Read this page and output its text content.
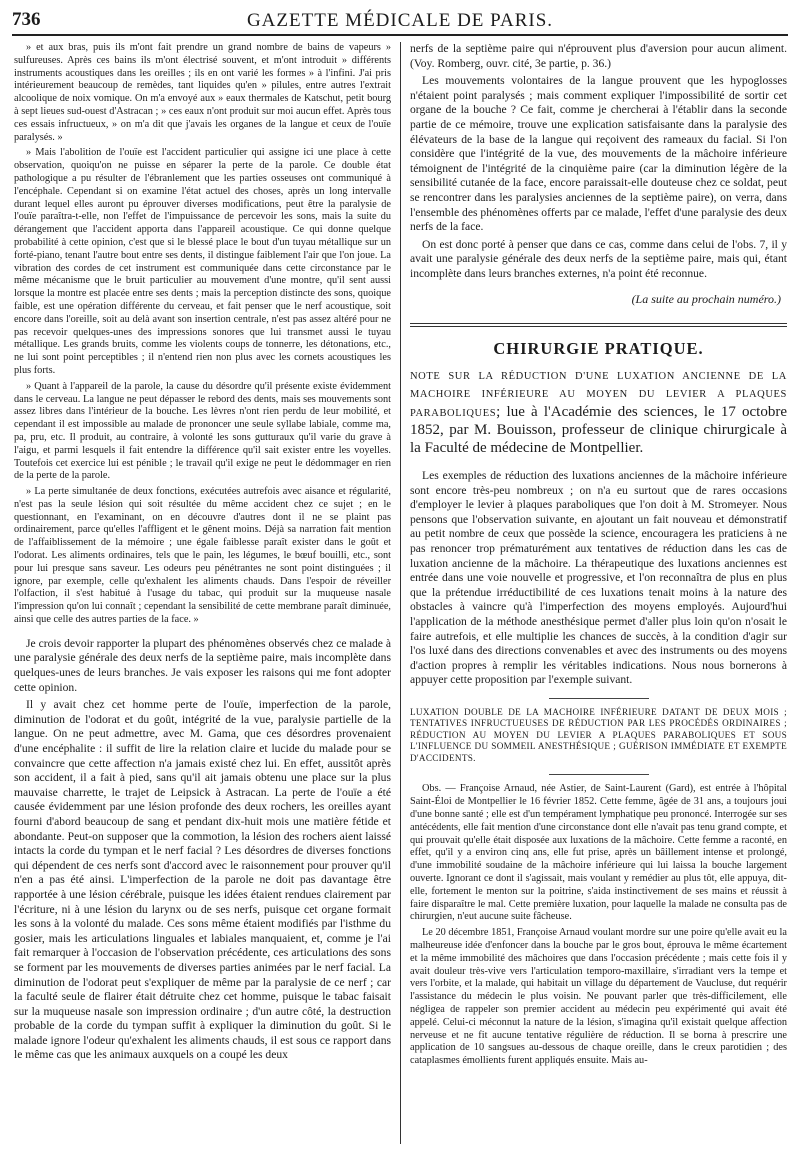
736	GAZETTE MÉDICALE DE PARIS.

» et aux bras, puis ils m'ont fait prendre un grand nombre de bains de vapeurs » sulfureuses. Après ces bains ils m'ont électrisé souvent, et m'ont introduit » différents instruments acoustiques dans les oreilles ; ils en ont varié les formes » à l'infini. J'ai pris intérieurement beaucoup de remèdes, tant liquides qu'en » pilules, entre autres l'extrait alcoolique de noix vomique. On m'a envoyé aux » eaux thermales de Katschut, petit bourg à sept lieues sud-ouest d'Astracan ; » ces eaux n'ont produit sur moi aucun effet. Après tous ces essais infructueux, » on m'a dit que j'avais les organes de la langue et ceux de l'ouïe paralysés. »

» Mais l'abolition de l'ouïe est l'accident particulier qui assigne ici une place à cette observation, quoiqu'on ne puisse en séparer la perte de la parole. Ce double état pathologique a pu résulter de l'ébranlement que les parties osseuses ont communiqué à l'encéphale. Cependant si on examine l'état actuel des choses, après un long intervalle durant lequel elles auront pu éprouver diverses modifications, peut être la paralysie de l'ouïe paraîtra-t-elle, non l'effet de l'impuissance de percevoir les sons, mais la suite du dérangement que l'accident apporta dans l'appareil acoustique. Ce qui donne quelque probabilité à cette opinion, c'est que si le blessé place le bout d'un tuyau métallique sur un forté-piano, tenant l'autre bout entre ses dents, il distingue faiblement l'air que l'on joue. La vibration des cordes de cet instrument est communiquée dans cette circonstance par le même mécanisme que le bruit particulier au mouvement d'une montre, qu'il sent aussi lorsque la montre est placée entre ses dents ; mais la perception distincte des sons, quoique faible, est une opération différente du cerveau, et fait penser que le nerf acoustique, soit encore dans l'oreille, soit au delà avant son insertion centrale, n'est pas assez altéré pour ne pas recevoir quelques-unes des impressions sonores que lui transmet aussi le tuyau métallique. Les grands bruits, comme les violents coups de tonnerre, les détonations, etc., ne lui sont point perceptibles ; il n'entend rien non plus avec les cornets acoustiques les plus forts.

» Quant à l'appareil de la parole, la cause du désordre qu'il présente existe évidemment dans le cerveau. La langue ne peut dépasser le rebord des dents, mais ses mouvements sont assez libres dans l'intérieur de la bouche. Les lèvres n'ont rien perdu de leur mobilité, et cependant il est impossible au malade de prononcer une seule syllabe labiale, comme ma, pa, pru, etc. Il produit, au contraire, à volonté les sons gutturaux qu'il varie du grave à l'aigu, et parmi lesquels il fait entendre la différence qu'il sait exister entre les voyelles. Toutefois cet exercice lui est pénible ; le travail qu'il exige ne peut le dédommager en rien de la perte de la parole.

» La perte simultanée de deux fonctions, exécutées autrefois avec aisance et régularité, n'est pas la seule lésion qui soit résultée du même accident chez ce sujet ; en le questionnant, en l'examinant, on en découvre d'autres dont il ne se plaint pas ordinairement, parce qu'elles l'affligent et le gênent moins. Déjà sa narration fait mention de l'affaiblissement de la mémoire ; une égale faiblesse paraît exister dans le goût et l'odorat. Les aliments ordinaires, tels que le pain, les légumes, le bœuf bouilli, etc., sont pour lui presque sans saveur. Les odeurs peu pénétrantes ne sont point distinguées ; il ignore, par exemple, celle qu'exhalent les aliments chauds. Dans l'espoir de réveiller l'olfaction, il s'est habitué à l'usage du tabac, qui produit sur la muqueuse nasale l'impression qu'on lui connaît ; cependant la sensibilité de cette membrane paraît diminuée, ainsi que celle des autres parties de la face. »

Je crois devoir rapporter la plupart des phénomènes observés chez ce malade à une paralysie générale des deux nerfs de la septième paire, mais incomplète dans quelques-unes de leurs branches. Je vais exposer les raisons qui me font adopter cette opinion.

Il y avait chez cet homme perte de l'ouïe, imperfection de la parole, diminution de l'odorat et du goût, intégrité de la vue, paralysie partielle de la langue. On ne peut admettre, avec M. Gama, que ces désordres provenaient d'une encéphalite : il suffit de lire la relation claire et lucide du malade pour se convaincre que cette affection n'a jamais existé chez lui. En effet, aussitôt après son accident, il a fait à pied, sans qu'il ait jamais obtenu une place sur la plus mauvaise charrette, le trajet de Leipsick à Astracan. La perte de l'ouïe a été causée évidemment par une lésion profonde des deux rochers, les oreilles ayant fourni d'abord beaucoup de sang et pendant dix-huit mois une matière fétide et abondante. Peut-on supposer que la commotion, la lésion des rochers aient laissé intacts la corde du tympan et le nerf facial ? Les désordres de diverses fonctions qui dépendent de ces nerfs sont d'accord avec le raisonnement pour prouver qu'il n'en a pas été ainsi. L'imperfection de la parole ne doit pas davantage être rapportée à une lésion cérébrale, puisque les idées étaient rendues clairement par l'écriture, ni à une lésion du larynx ou de ses nerfs, puisque cet organe formait les sons à la volonté du malade. Ces sons même étaient modifiés par l'isthme du gosier, mais les articulations linguales et labiales manquaient, et, comme je l'ai fait remarquer à l'occasion de l'observation précédente, ces articulations des sons se forment par les mouvements de diverses parties animées par le nerf facial. La diminution de l'odorat peut s'expliquer de même par la paralysie de ce nerf ; car la faculté seule de flairer était détruite chez cet homme, puisque le tabac faisait sur la muqueuse nasale son impression ordinaire ; d'un autre côté, la destruction probable de la corde du tympan suffit à expliquer la diminution du goût. Si le malade ignore l'odeur qu'exhalent les aliments chauds, il est sous ce rapport dans le même cas que les animaux auxquels on a coupé les deux

nerfs de la septième paire qui n'éprouvent plus d'aversion pour aucun aliment. (Voy. Romberg, ouvr. cité, 3e partie, p. 36.)

Les mouvements volontaires de la langue prouvent que les hypoglosses n'étaient point paralysés ; mais comment expliquer l'impossibilité de sortir cet organe de la bouche ? Ce fait, comme je chercherai à l'établir dans la seconde partie de ce mémoire, trouve une explication satisfaisante dans la paralysie des élévateurs de la base de la langue qui reçoivent des rameaux du facial. Si l'on considère que l'intégrité de la vue, des mouvements de la mâchoire inférieure témoignent de l'intégrité de la cinquième paire (car la diminution légère de la sensibilité cutanée de la face, encore paraissait-elle douteuse chez ce soldat, peut se rencontrer dans les paralysies anciennes de la septième paire), on verra, dans l'ensemble des phénomènes offerts par ce malade, l'effet d'une paralysie des deux nerfs de la face.

On est donc porté à penser que dans ce cas, comme dans celui de l'obs. 7, il y avait une paralysie générale des deux nerfs de la septième paire, mais qui, étant incomplète dans leurs branches externes, n'a point été reconnue.

(La suite au prochain numéro.)
CHIRURGIE PRATIQUE.

NOTE SUR LA RÉDUCTION D'UNE LUXATION ANCIENNE DE LA MACHOIRE INFÉRIEURE AU MOYEN DU LEVIER A PLAQUES PARABOLIQUES; lue à l'Académie des sciences, le 17 octobre 1852, par M. Bouisson, professeur de clinique chirurgicale à la Faculté de médecine de Montpellier.

Les exemples de réduction des luxations anciennes de la mâchoire inférieure sont encore très-peu nombreux ; on n'a eu surtout que de rares occasions d'employer le levier à plaques paraboliques que l'on doit à M. Stromeyer. Nous pensons que l'observation suivante, en ajoutant un fait nouveau et démonstratif au petit nombre de ceux que possède la science, encouragera les praticiens à ne pas renoncer trop prématurément aux tentatives de réduction dans les cas de luxation ancienne de la mâchoire. La thérapeutique des luxations anciennes est entrée dans une voie nouvelle et progressive, et l'on reconnaîtra de plus en plus que la prétendue irréductibilité de ces luxations tenait moins à la nature des obstacles à vaincre qu'à l'imperfection des moyens employés. Aujourd'hui l'application de la méthode anesthésique permet d'aller plus loin qu'on n'osait le faire autrefois, et elle multiplie les chances de succès, à la condition d'agir sur l'os luxé dans des directions convenables et avec des instruments ou des moyens d'action propres à remplir les véritables indications. Nous nous bornerons à appuyer cette proposition par l'exemple suivant.

LUXATION DOUBLE DE LA MACHOIRE INFÉRIEURE DATANT DE DEUX MOIS ; TENTATIVES INFRUCTUEUSES DE RÉDUCTION PAR LES PROCÉDÉS ORDINAIRES ; RÉDUCTION AU MOYEN DU LEVIER A PLAQUES PARABOLIQUES ET SOUS L'INFLUENCE DU SOMMEIL ANESTHÉSIQUE ; GUÉRISON IMMÉDIATE ET EXEMPTE D'ACCIDENTS.

Obs. — Françoise Arnaud, née Astier, de Saint-Laurent (Gard), est entrée à l'hôpital Saint-Éloi de Montpellier le 16 février 1852. Cette femme, âgée de 31 ans, a toujours joui d'une bonne santé ; elle est d'un tempérament lymphatique peu prononcé. Interrogée sur ses antécédents, elle fait mention d'une circonstance dont elle n'avait pas tenu grand compte, et qui prouvait qu'elle était disposée aux luxations de la mâchoire. Cette femme a raconté, en effet, qu'il y a environ cinq ans, elle fut prise, après un bâillement intense et prolongé, d'une immobilité soudaine de la mâchoire inférieure qui lui laissa la bouche largement ouverte. Ignorant ce dont il s'agissait, mais voulant y remédier au plus tôt, elle appuya, dit-elle, fortement le menton sur la poitrine, s'aida instinctivement de ses mains et réussit à faire disparaître le mal. Cette première luxation, pour laquelle la malade ne consulta pas de chirurgien, n'eut aucune suite fâcheuse.

Le 20 décembre 1851, Françoise Arnaud voulant mordre sur une poire qu'elle avait eu la malheureuse idée d'enfoncer dans la bouche par le gros bout, éprouva le même écartement et la même immobilité des mâchoires que dans l'occasion précédente ; mais cette fois il y avait douleur très-vive vers l'articulation temporo-maxillaire, s'irradiant vers la tempe et vers l'orbite, et la malade, qui habitait un village du département de Vaucluse, dut requérir l'assistance du médecin le plus voisin. Ne pouvant parler que très-difficilement, elle négligea de rappeler son premier accident au médecin peu expérimenté qui avait été appelé. Celui-ci méconnut la nature de la lésion, s'imagina qu'il existait quelque affection nerveuse et ne fit aucune tentative régulière de réduction. Il se borna à prescrire une application de 10 sangsues au-dessous de chaque oreille, dans le creux parotidien ; des cataplasmes émollients furent appliqués ensuite. Mais au-
